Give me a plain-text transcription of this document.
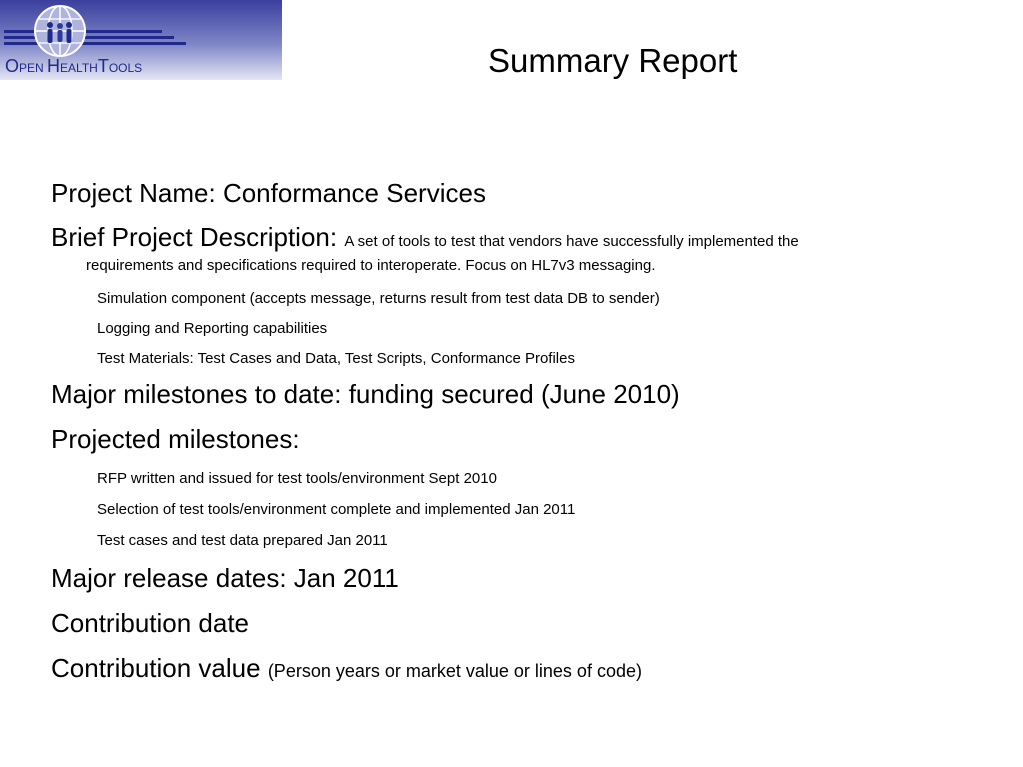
OPEN HEALTHTOOLS	Summary Report
Project Name: Conformance Services
Brief Project Description: A set of tools to test that vendors have successfully implemented the
requirements and specifications required to interoperate. Focus on HL7v3 messaging.
Simulation component (accepts message, returns result from test data DB to sender)
Logging and Reporting capabilities
Test Materials: Test Cases and Data, Test Scripts, Conformance Profiles
Major milestones to date: funding secured (June 2010)
Projected milestones:
RFP written and issued for test tools/environment Sept 2010
Selection of test tools/environment complete and implemented Jan 2011
Test cases and test data prepared Jan 2011
Major release dates: Jan 2011
Contribution date
Contribution value (Person years or market value or lines of code)
